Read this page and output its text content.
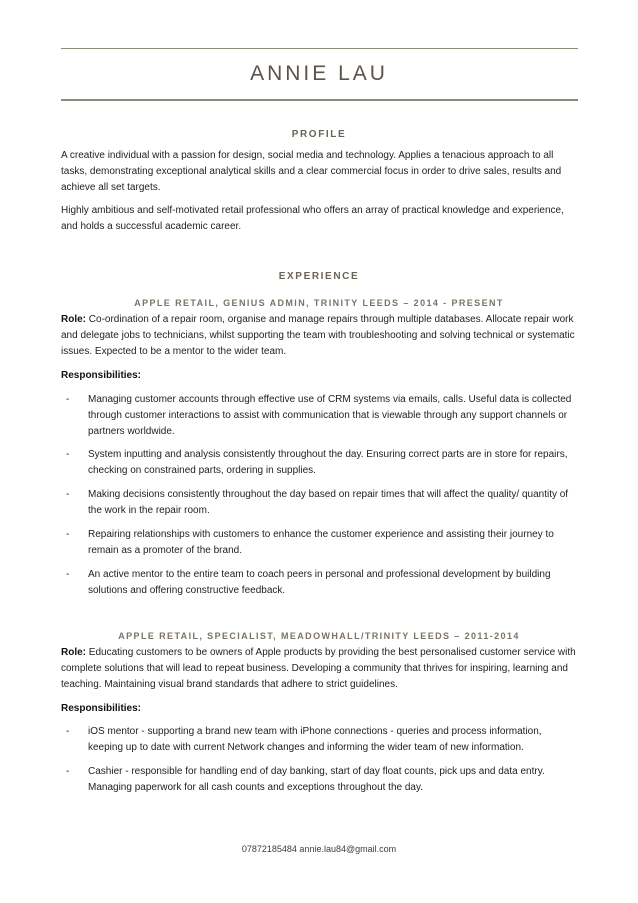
ANNIE LAU
PROFILE

A creative individual with a passion for design, social media and technology. Applies a tenacious approach to all tasks, demonstrating exceptional analytical skills and a clear commercial focus in order to drive sales, results and achieve all set targets.

Highly ambitious and self-motivated retail professional who offers an array of practical knowledge and experience, and holds a successful academic career.

EXPERIENCE
APPLE RETAIL, GENIUS ADMIN, TRINITY LEEDS – 2014 - PRESENT

Role: Co-ordination of a repair room, organise and manage repairs through multiple databases. Allocate repair work and delegate jobs to technicians, whilst supporting the team with troubleshooting and solving technical or systematic issues. Expected to be a mentor to the wider team.

Responsibilities:
-	Managing customer accounts through effective use of CRM systems via emails, calls. Useful data is collected through customer interactions to assist with communication that is viewable through any support channels or partners worldwide.
-	System inputting and analysis consistently throughout the day. Ensuring correct parts are in store for repairs, checking on constrained parts, ordering in supplies.
-	Making decisions consistently throughout the day based on repair times that will affect the quality/ quantity of the work in the repair room.
-	Repairing relationships with customers to enhance the customer experience and assisting their journey to remain as a promoter of the brand.
-	An active mentor to the entire team to coach peers in personal and professional development by building solutions and offering constructive feedback.
APPLE RETAIL, SPECIALIST, MEADOWHALL/TRINITY LEEDS – 2011-2014

Role: Educating customers to be owners of Apple products by providing the best personalised customer service with complete solutions that will lead to repeat business. Developing a community that thrives for inspiring, learning and teaching. Maintaining visual brand standards that adhere to strict guidelines.

Responsibilities:
-	iOS mentor - supporting a brand new team with iPhone connections - queries and process information, keeping up to date with current Network changes and informing the wider team of new information.
-	Cashier - responsible for handling end of day banking, start of day float counts, pick ups and data entry. Managing paperwork for all cash counts and exceptions throughout the day.
07872185484 annie.lau84@gmail.com
